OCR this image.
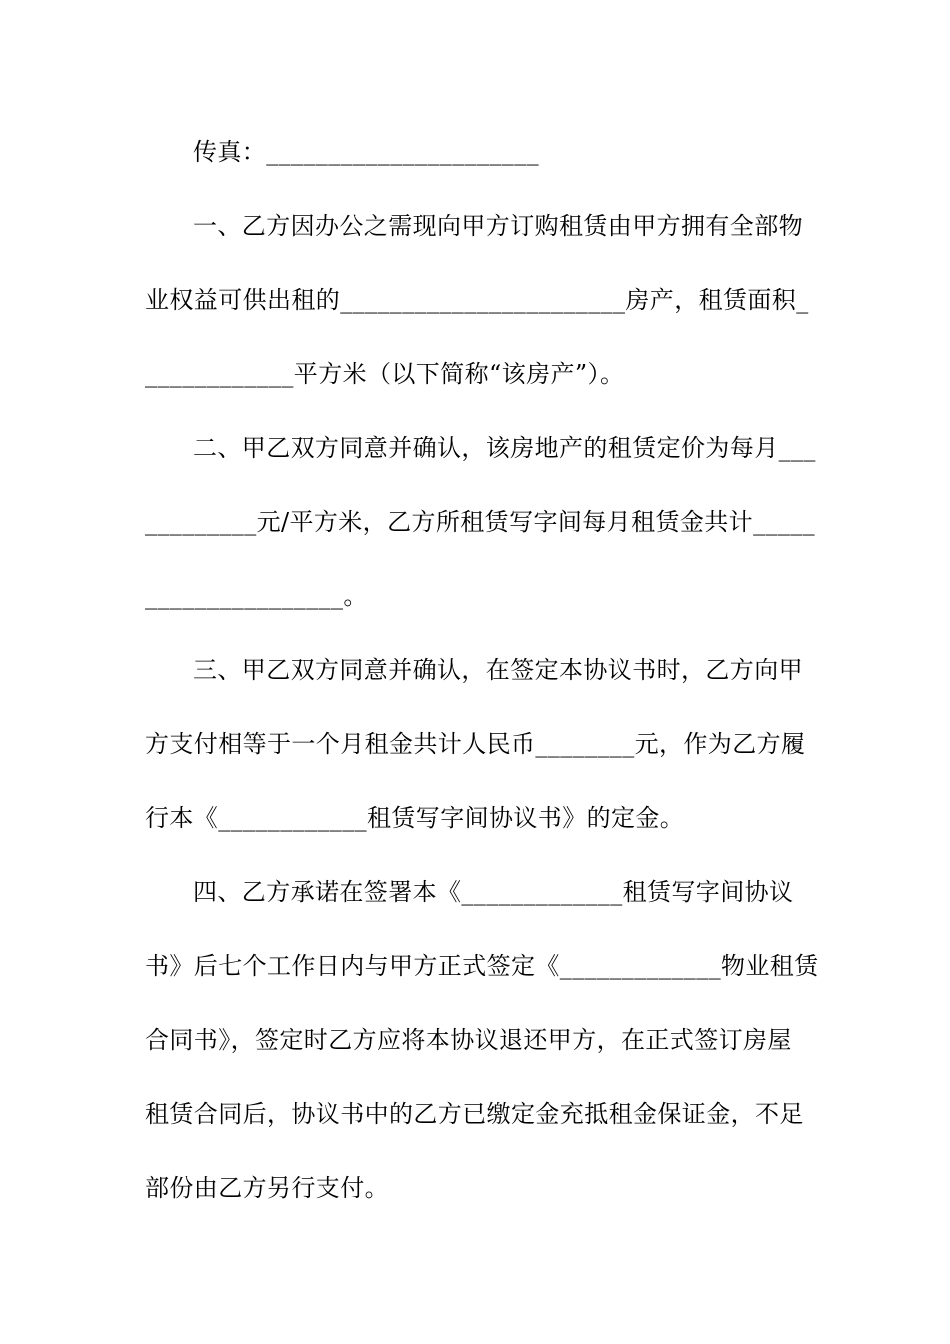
传真：______________________
一、乙方因办公之需现向甲方订购租赁由甲方拥有全部物
业权益可供出租的_______________________房产，租赁面积_
____________平方米（以下简称“该房产”）。
二、甲乙双方同意并确认，该房地产的租赁定价为每月___
_________元/平方米，乙方所租赁写字间每月租赁金共计_____
________________。
三、甲乙双方同意并确认，在签定本协议书时，乙方向甲
方支付相等于一个月租金共计人民币________元，作为乙方履
行本《____________租赁写字间协议书》的定金。
四、乙方承诺在签署本《_____________租赁写字间协议
书》后七个工作日内与甲方正式签定《_____________物业租赁
合同书》，签定时乙方应将本协议退还甲方，在正式签订房屋
租赁合同后，协议书中的乙方已缴定金充抵租金保证金，不足
部份由乙方另行支付。
